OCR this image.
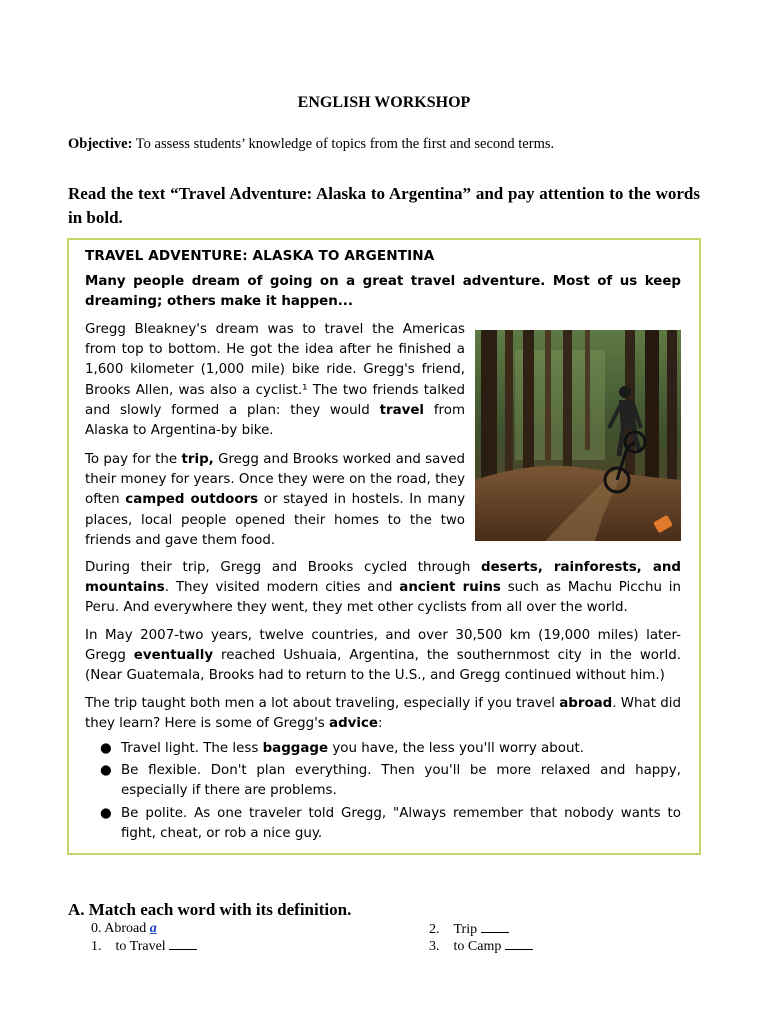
ENGLISH WORKSHOP
Objective: To assess students’ knowledge of topics from the first and second terms.
Read the text “Travel Adventure: Alaska to Argentina” and pay attention to the words in bold.
TRAVEL ADVENTURE: ALASKA TO ARGENTINA
Many people dream of going on a great travel adventure. Most of us keep dreaming; others make it happen...
Gregg Bleakney's dream was to travel the Americas from top to bottom. He got the idea after he finished a 1,600 kilometer (1,000 mile) bike ride. Gregg's friend, Brooks Allen, was also a cyclist.¹ The two friends talked and slowly formed a plan: they would travel from Alaska to Argentina-by bike.
To pay for the trip, Gregg and Brooks worked and saved their money for years. Once they were on the road, they often camped outdoors or stayed in hostels. In many places, local people opened their homes to the two friends and gave them food.
During their trip, Gregg and Brooks cycled through deserts, rainforests, and mountains. They visited modern cities and ancient ruins such as Machu Picchu in Peru. And everywhere they went, they met other cyclists from all over the world.
In May 2007-two years, twelve countries, and over 30,500 km (19,000 miles) later-Gregg eventually reached Ushuaia, Argentina, the southernmost city in the world. (Near Guatemala, Brooks had to return to the U.S., and Gregg continued without him.)
The trip taught both men a lot about traveling, especially if you travel abroad. What did they learn? Here is some of Gregg's advice:
● Travel light. The less baggage you have, the less you'll worry about.
● Be flexible. Don't plan everything. Then you'll be more relaxed and happy, especially if there are problems.
● Be polite. As one traveler told Gregg, "Always remember that nobody wants to fight, cheat, or rob a nice guy.
A. Match each word with its definition.
0. Abroad a
1. to Travel
2. Trip
3. to Camp
